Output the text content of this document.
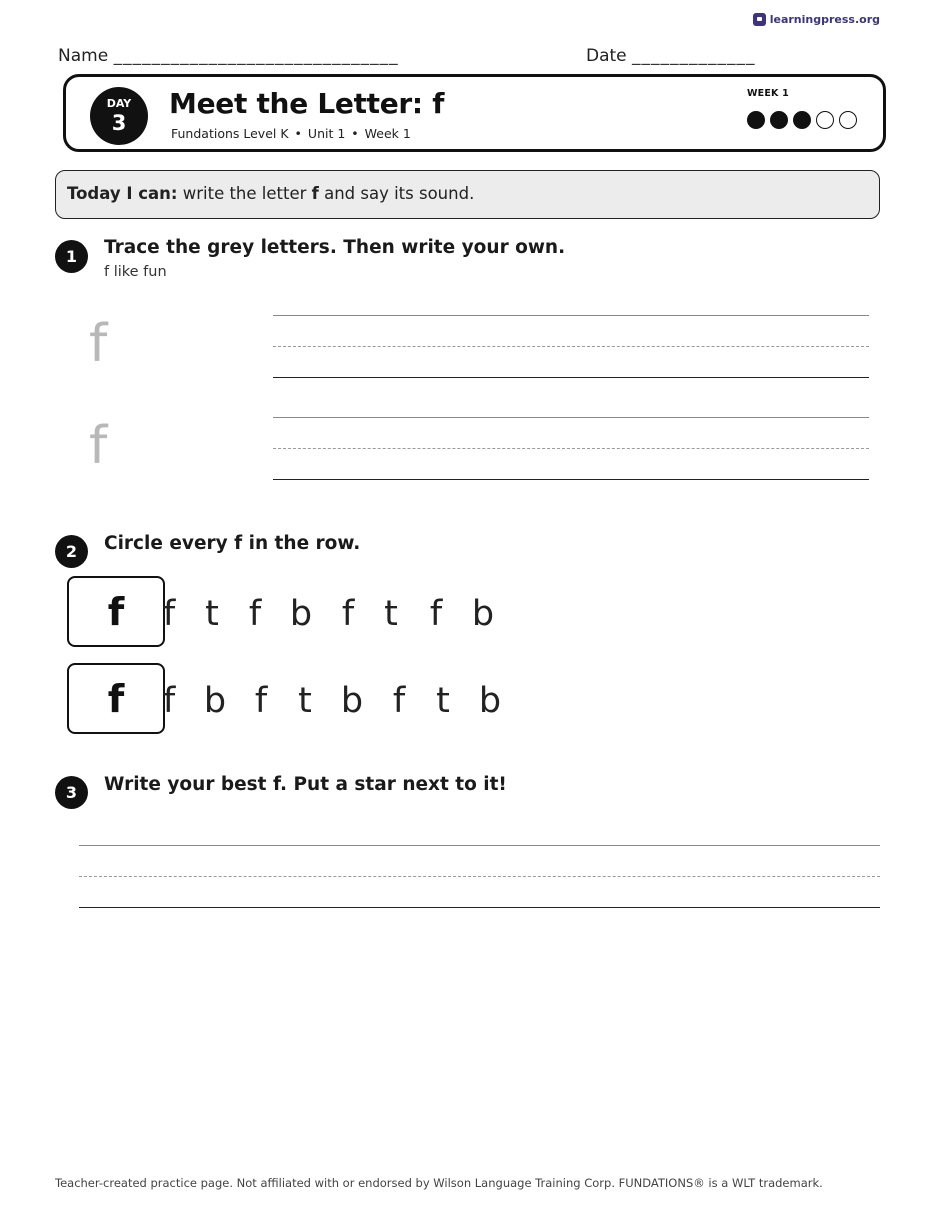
learningpress.org
Name ______________________________	Date _____________
DAY
3
Meet the Letter: f
Fundations Level K • Unit 1 • Week 1
WEEK 1
Today I can: write the letter f and say its sound.
1	Trace the grey letters. Then write your own.
f like fun
f
f
2	Circle every f in the row.
f	f t f b f t f b
f	f b f t b f t b
3	Write your best f. Put a star next to it!
Teacher-created practice page. Not affiliated with or endorsed by Wilson Language Training Corp. FUNDATIONS® is a WLT trademark.
